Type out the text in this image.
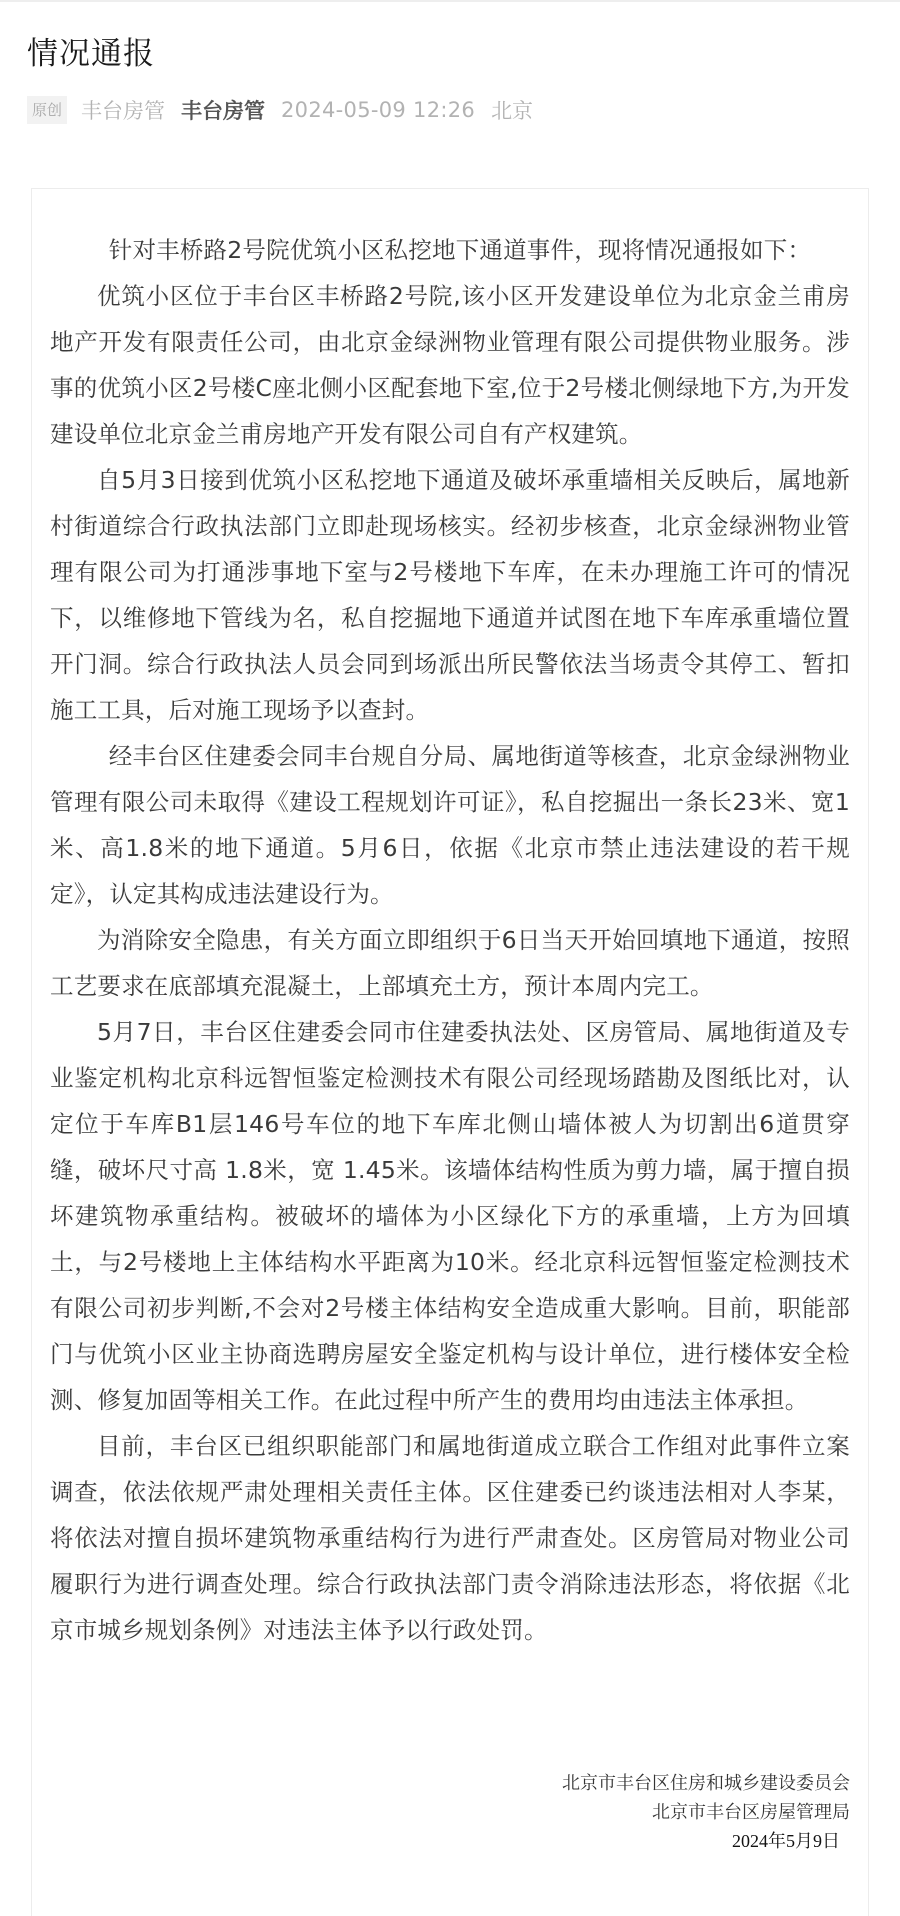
情况通报
原创 丰台房管 丰台房管 2024-05-09 12:26 北京

针对丰桥路2号院优筑小区私挖地下通道事件，现将情况通报如下：

优筑小区位于丰台区丰桥路2号院,该小区开发建设单位为北京金兰甫房地产开发有限责任公司，由北京金绿洲物业管理有限公司提供物业服务。涉事的优筑小区2号楼C座北侧小区配套地下室,位于2号楼北侧绿地下方,为开发建设单位北京金兰甫房地产开发有限公司自有产权建筑。

自5月3日接到优筑小区私挖地下通道及破坏承重墙相关反映后，属地新村街道综合行政执法部门立即赴现场核实。经初步核查，北京金绿洲物业管理有限公司为打通涉事地下室与2号楼地下车库，在未办理施工许可的情况下，以维修地下管线为名，私自挖掘地下通道并试图在地下车库承重墙位置开门洞。综合行政执法人员会同到场派出所民警依法当场责令其停工、暂扣施工工具，后对施工现场予以查封。

经丰台区住建委会同丰台规自分局、属地街道等核查，北京金绿洲物业管理有限公司未取得《建设工程规划许可证》，私自挖掘出一条长23米、宽1米、高1.8米的地下通道。5月6日，依据《北京市禁止违法建设的若干规定》，认定其构成违法建设行为。

为消除安全隐患，有关方面立即组织于6日当天开始回填地下通道，按照工艺要求在底部填充混凝土，上部填充土方，预计本周内完工。

5月7日，丰台区住建委会同市住建委执法处、区房管局、属地街道及专业鉴定机构北京科远智恒鉴定检测技术有限公司经现场踏勘及图纸比对，认定位于车库B1层146号车位的地下车库北侧山墙体被人为切割出6道贯穿缝，破坏尺寸高 1.8米，宽 1.45米。该墙体结构性质为剪力墙，属于擅自损坏建筑物承重结构。被破坏的墙体为小区绿化下方的承重墙，上方为回填土，与2号楼地上主体结构水平距离为10米。经北京科远智恒鉴定检测技术有限公司初步判断,不会对2号楼主体结构安全造成重大影响。目前，职能部门与优筑小区业主协商选聘房屋安全鉴定机构与设计单位，进行楼体安全检测、修复加固等相关工作。在此过程中所产生的费用均由违法主体承担。

目前，丰台区已组织职能部门和属地街道成立联合工作组对此事件立案调查，依法依规严肃处理相关责任主体。区住建委已约谈违法相对人李某，将依法对擅自损坏建筑物承重结构行为进行严肃查处。区房管局对物业公司履职行为进行调查处理。综合行政执法部门责令消除违法形态，将依据《北京市城乡规划条例》对违法主体予以行政处罚。

北京市丰台区住房和城乡建设委员会
北京市丰台区房屋管理局
2024年5月9日
